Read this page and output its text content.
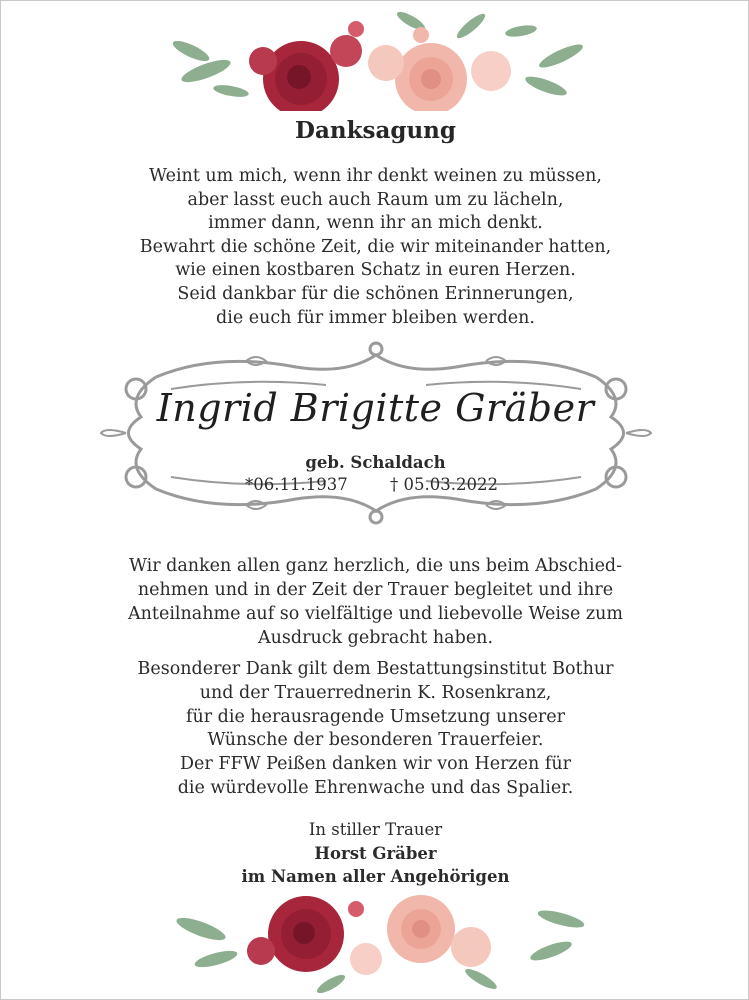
Danksagung
Weint um mich, wenn ihr denkt weinen zu müssen,
aber lasst euch auch Raum um zu lächeln,
immer dann, wenn ihr an mich denkt.
Bewahrt die schöne Zeit, die wir miteinander hatten,
wie einen kostbaren Schatz in euren Herzen.
Seid dankbar für die schönen Erinnerungen,
die euch für immer bleiben werden.
Ingrid Brigitte Gräber
geb. Schaldach
*06.11.1937	† 05.03.2022
Wir danken allen ganz herzlich, die uns beim Abschied-
nehmen und in der Zeit der Trauer begleitet und ihre
Anteilnahme auf so vielfältige und liebevolle Weise zum
Ausdruck gebracht haben.
Besonderer Dank gilt dem Bestattungsinstitut Bothur
und der Trauerrednerin K. Rosenkranz,
für die herausragende Umsetzung unserer
Wünsche der besonderen Trauerfeier.
Der FFW Peißen danken wir von Herzen für
die würdevolle Ehrenwache und das Spalier.
In stiller Trauer
Horst Gräber
im Namen aller Angehörigen
